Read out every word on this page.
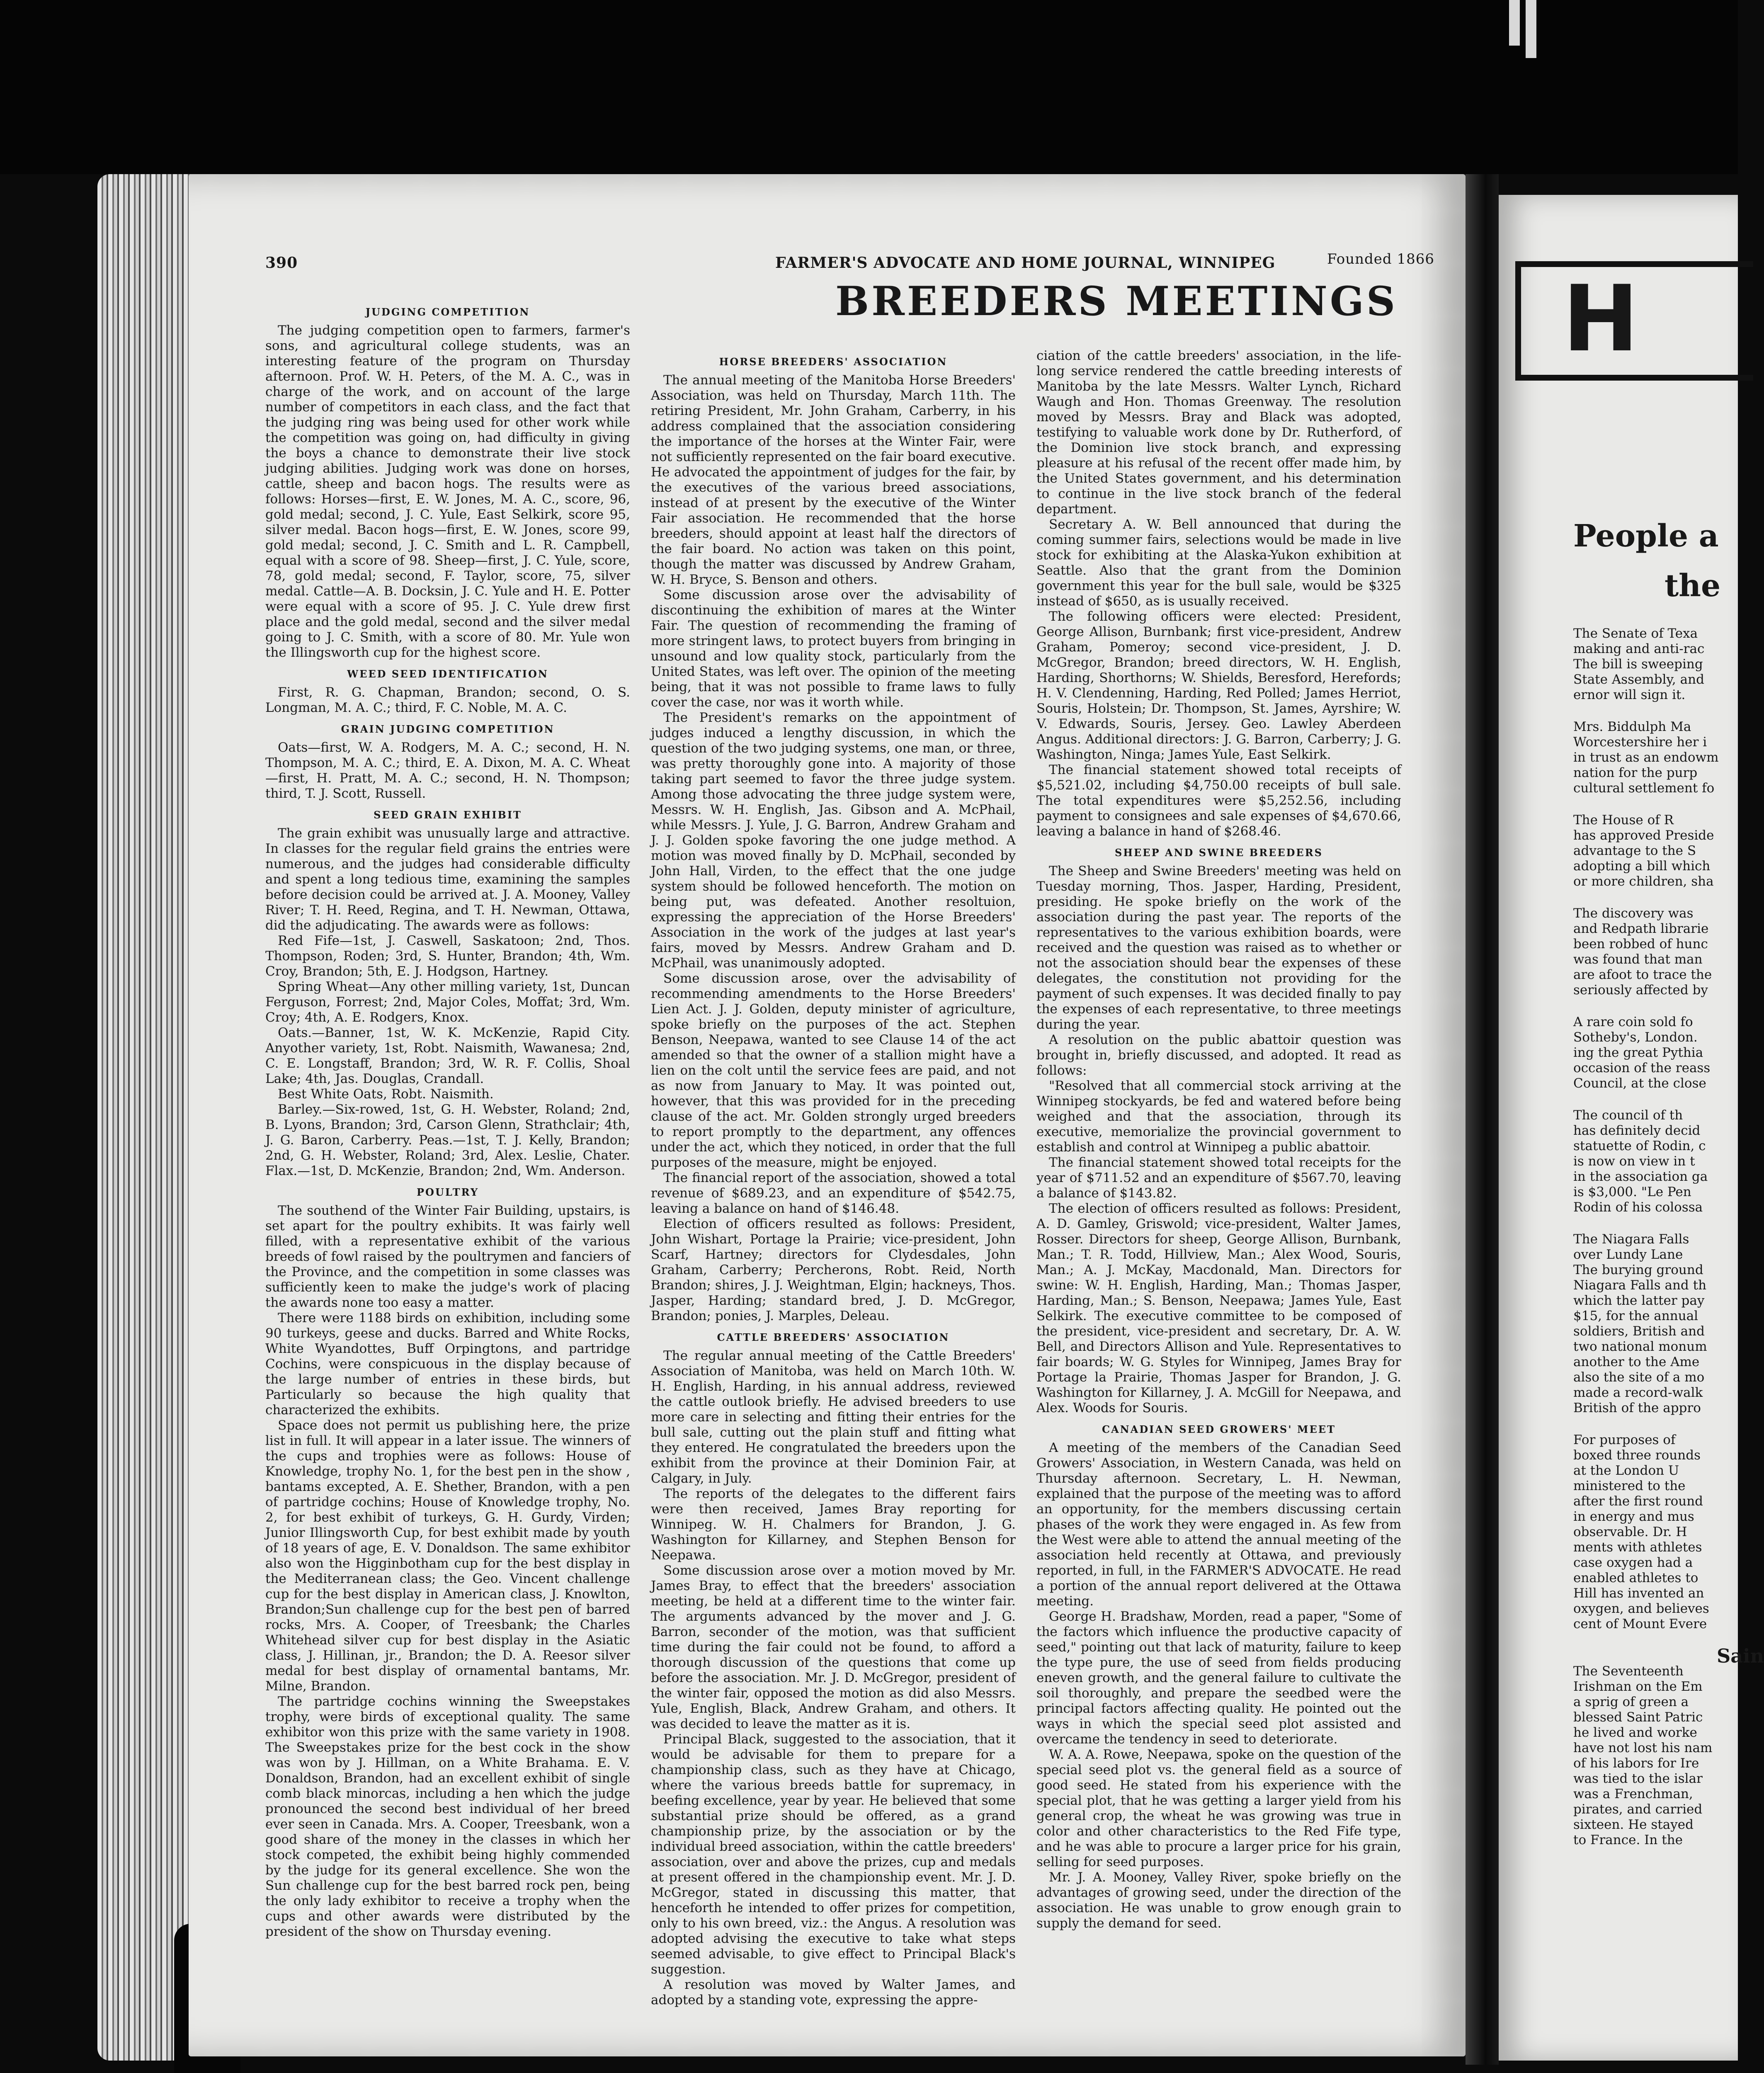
390	FARMER'S ADVOCATE AND HOME JOURNAL, WINNIPEG	Founded 1866
BREEDERS MEETINGS
JUDGING COMPETITION

The judging competition open to farmers, farmer's sons, and agricultural college students, was an interesting feature of the program on Thursday afternoon. Prof. W. H. Peters, of the M. A. C., was in charge of the work, and on account of the large number of competitors in each class, and the fact that the judging ring was being used for other work while the competition was going on, had difficulty in giving the boys a chance to demonstrate their live stock judging abilities. Judging work was done on horses, cattle, sheep and bacon hogs. The results were as follows: Horses—first, E. W. Jones, M. A. C., score, 96, gold medal; second, J. C. Yule, East Selkirk, score 95, silver medal. Bacon hogs—first, E. W. Jones, score 99, gold medal; second, J. C. Smith and L. R. Campbell, equal with a score of 98. Sheep—first, J. C. Yule, score, 78, gold medal; second, F. Taylor, score, 75, silver medal. Cattle—A. B. Docksin, J. C. Yule and H. E. Potter were equal with a score of 95. J. C. Yule drew first place and the gold medal, second and the silver medal going to J. C. Smith, with a score of 80. Mr. Yule won the Illingsworth cup for the highest score.

WEED SEED IDENTIFICATION

First, R. G. Chapman, Brandon; second, O. S. Longman, M. A. C.; third, F. C. Noble, M. A. C.

GRAIN JUDGING COMPETITION

Oats—first, W. A. Rodgers, M. A. C.; second, H. N. Thompson, M. A. C.; third, E. A. Dixon, M. A. C. Wheat—first, H. Pratt, M. A. C.; second, H. N. Thompson; third, T. J. Scott, Russell.

SEED GRAIN EXHIBIT

The grain exhibit was unusually large and attractive. In classes for the regular field grains the entries were numerous, and the judges had considerable difficulty and spent a long tedious time, examining the samples before decision could be arrived at. J. A. Mooney, Valley River; T. H. Reed, Regina, and T. H. Newman, Ottawa, did the adjudicating. The awards were as follows:

Red Fife—1st, J. Caswell, Saskatoon; 2nd, Thos. Thompson, Roden; 3rd, S. Hunter, Brandon; 4th, Wm. Croy, Brandon; 5th, E. J. Hodgson, Hartney.

Spring Wheat—Any other milling variety, 1st, Duncan Ferguson, Forrest; 2nd, Major Coles, Moffat; 3rd, Wm. Croy; 4th, A. E. Rodgers, Knox.

Oats.—Banner, 1st, W. K. McKenzie, Rapid City. Anyother variety, 1st, Robt. Naismith, Wawanesa; 2nd, C. E. Longstaff, Brandon; 3rd, W. R. F. Collis, Shoal Lake; 4th, Jas. Douglas, Crandall.

Best White Oats, Robt. Naismith.

Barley.—Six-rowed, 1st, G. H. Webster, Roland; 2nd, B. Lyons, Brandon; 3rd, Carson Glenn, Strathclair; 4th, J. G. Baron, Carberry. Peas.—1st, T. J. Kelly, Brandon; 2nd, G. H. Webster, Roland; 3rd, Alex. Leslie, Chater. Flax.—1st, D. McKenzie, Brandon; 2nd, Wm. Anderson.

POULTRY

The southend of the Winter Fair Building, upstairs, is set apart for the poultry exhibits. It was fairly well filled, with a representative exhibit of the various breeds of fowl raised by the poultrymen and fanciers of the Province, and the competition in some classes was sufficiently keen to make the judge's work of placing the awards none too easy a matter.

There were 1188 birds on exhibition, including some 90 turkeys, geese and ducks. Barred and White Rocks, White Wyandottes, Buff Orpingtons, and partridge Cochins, were conspicuous in the display because of the large number of entries in these birds, but Particularly so because the high quality that characterized the exhibits.

Space does not permit us publishing here, the prize list in full. It will appear in a later issue. The winners of the cups and trophies were as follows: House of Knowledge, trophy No. 1, for the best pen in the show , bantams excepted, A. E. Shether, Brandon, with a pen of partridge cochins; House of Knowledge trophy, No. 2, for best exhibit of turkeys, G. H. Gurdy, Virden; Junior Illingsworth Cup, for best exhibit made by youth of 18 years of age, E. V. Donaldson. The same exhibitor also won the Higginbotham cup for the best display in the Mediterranean class; the Geo. Vincent challenge cup for the best display in American class, J. Knowlton, Brandon;Sun challenge cup for the best pen of barred rocks, Mrs. A. Cooper, of Treesbank; the Charles Whitehead silver cup for best display in the Asiatic class, J. Hillinan, jr., Brandon; the D. A. Reesor silver medal for best display of ornamental bantams, Mr. Milne, Brandon.

The partridge cochins winning the Sweepstakes trophy, were birds of exceptional quality. The same exhibitor won this prize with the same variety in 1908. The Sweepstakes prize for the best cock in the show was won by J. Hillman, on a White Brahama. E. V. Donaldson, Brandon, had an excellent exhibit of single comb black minorcas, including a hen which the judge pronounced the second best individual of her breed ever seen in Canada. Mrs. A. Cooper, Treesbank, won a good share of the money in the classes in which her stock competed, the exhibit being highly commended by the judge for its general excellence. She won the Sun challenge cup for the best barred rock pen, being the only lady exhibitor to receive a trophy when the cups and other awards were distributed by the president of the show on Thursday evening.

HORSE BREEDERS' ASSOCIATION

The annual meeting of the Manitoba Horse Breeders' Association, was held on Thursday, March 11th. The retiring President, Mr. John Graham, Carberry, in his address complained that the association considering the importance of the horses at the Winter Fair, were not sufficiently represented on the fair board executive. He advocated the appointment of judges for the fair, by the executives of the various breed associations, instead of at present by the executive of the Winter Fair association. He recommended that the horse breeders, should appoint at least half the directors of the fair board. No action was taken on this point, though the matter was discussed by Andrew Graham, W. H. Bryce, S. Benson and others.

Some discussion arose over the advisability of discontinuing the exhibition of mares at the Winter Fair. The question of recommending the framing of more stringent laws, to protect buyers from bringing in unsound and low quality stock, particularly from the United States, was left over. The opinion of the meeting being, that it was not possible to frame laws to fully cover the case, nor was it worth while.

The President's remarks on the appointment of judges induced a lengthy discussion, in which the question of the two judging systems, one man, or three, was pretty thoroughly gone into. A majority of those taking part seemed to favor the three judge system. Among those advocating the three judge system were, Messrs. W. H. English, Jas. Gibson and A. McPhail, while Messrs. J. Yule, J. G. Barron, Andrew Graham and J. J. Golden spoke favoring the one judge method. A motion was moved finally by D. McPhail, seconded by John Hall, Virden, to the effect that the one judge system should be followed henceforth. The motion on being put, was defeated. Another resoltuion, expressing the appreciation of the Horse Breeders' Association in the work of the judges at last year's fairs, moved by Messrs. Andrew Graham and D. McPhail, was unanimously adopted.

Some discussion arose, over the advisability of recommending amendments to the Horse Breeders' Lien Act. J. J. Golden, deputy minister of agriculture, spoke briefly on the purposes of the act. Stephen Benson, Neepawa, wanted to see Clause 14 of the act amended so that the owner of a stallion might have a lien on the colt until the service fees are paid, and not as now from January to May. It was pointed out, however, that this was provided for in the preceding clause of the act. Mr. Golden strongly urged breeders to report promptly to the department, any offences under the act, which they noticed, in order that the full purposes of the measure, might be enjoyed.

The financial report of the association, showed a total revenue of $689.23, and an expenditure of $542.75, leaving a balance on hand of $146.48.

Election of officers resulted as follows: President, John Wishart, Portage la Prairie; vice-president, John Scarf, Hartney; directors for Clydesdales, John Graham, Carberry; Percherons, Robt. Reid, North Brandon; shires, J. J. Weightman, Elgin; hackneys, Thos. Jasper, Harding; standard bred, J. D. McGregor, Brandon; ponies, J. Marples, Deleau.

CATTLE BREEDERS' ASSOCIATION

The regular annual meeting of the Cattle Breeders' Association of Manitoba, was held on March 10th. W. H. English, Harding, in his annual address, reviewed the cattle outlook briefly. He advised breeders to use more care in selecting and fitting their entries for the bull sale, cutting out the plain stuff and fitting what they entered. He congratulated the breeders upon the exhibit from the province at their Dominion Fair, at Calgary, in July.

The reports of the delegates to the different fairs were then received, James Bray reporting for Winnipeg. W. H. Chalmers for Brandon, J. G. Washington for Killarney, and Stephen Benson for Neepawa.

Some discussion arose over a motion moved by Mr. James Bray, to effect that the breeders' association meeting, be held at a different time to the winter fair. The arguments advanced by the mover and J. G. Barron, seconder of the motion, was that sufficient time during the fair could not be found, to afford a thorough discussion of the questions that come up before the association. Mr. J. D. McGregor, president of the winter fair, opposed the motion as did also Messrs. Yule, English, Black, Andrew Graham, and others. It was decided to leave the matter as it is.

Principal Black, suggested to the association, that it would be advisable for them to prepare for a championship class, such as they have at Chicago, where the various breeds battle for supremacy, in beefing excellence, year by year. He believed that some substantial prize should be offered, as a grand championship prize, by the association or by the individual breed association, within the cattle breeders' association, over and above the prizes, cup and medals at present offered in the championship event. Mr. J. D. McGregor, stated in discussing this matter, that henceforth he intended to offer prizes for competition, only to his own breed, viz.: the Angus. A resolution was adopted advising the executive to take what steps seemed advisable, to give effect to Principal Black's suggestion.

A resolution was moved by Walter James, and adopted by a standing vote, expressing the appre-

ciation of the cattle breeders' association, in the life-long service rendered the cattle breeding interests of Manitoba by the late Messrs. Walter Lynch, Richard Waugh and Hon. Thomas Greenway. The resolution moved by Messrs. Bray and Black was adopted, testifying to valuable work done by Dr. Rutherford, of the Dominion live stock branch, and expressing pleasure at his refusal of the recent offer made him, by the United States government, and his determination to continue in the live stock branch of the federal department.

Secretary A. W. Bell announced that during the coming summer fairs, selections would be made in live stock for exhibiting at the Alaska-Yukon exhibition at Seattle. Also that the grant from the Dominion government this year for the bull sale, would be $325 instead of $650, as is usually received.

The following officers were elected: President, George Allison, Burnbank; first vice-president, Andrew Graham, Pomeroy; second vice-president, J. D. McGregor, Brandon; breed directors, W. H. English, Harding, Shorthorns; W. Shields, Beresford, Herefords; H. V. Clendenning, Harding, Red Polled; James Herriot, Souris, Holstein; Dr. Thompson, St. James, Ayrshire; W. V. Edwards, Souris, Jersey. Geo. Lawley Aberdeen Angus. Additional directors: J. G. Barron, Carberry; J. G. Washington, Ninga; James Yule, East Selkirk.

The financial statement showed total receipts of $5,521.02, including $4,750.00 receipts of bull sale. The total expenditures were $5,252.56, including payment to consignees and sale expenses of $4,670.66, leaving a balance in hand of $268.46.

SHEEP AND SWINE BREEDERS

The Sheep and Swine Breeders' meeting was held on Tuesday morning, Thos. Jasper, Harding, President, presiding. He spoke briefly on the work of the association during the past year. The reports of the representatives to the various exhibition boards, were received and the question was raised as to whether or not the association should bear the expenses of these delegates, the constitution not providing for the payment of such expenses. It was decided finally to pay the expenses of each representative, to three meetings during the year.

A resolution on the public abattoir question was brought in, briefly discussed, and adopted. It read as follows:

"Resolved that all commercial stock arriving at the Winnipeg stockyards, be fed and watered before being weighed and that the association, through its executive, memorialize the provincial government to establish and control at Winnipeg a public abattoir.

The financial statement showed total receipts for the year of $711.52 and an expenditure of $567.70, leaving a balance of $143.82.

The election of officers resulted as follows: President, A. D. Gamley, Griswold; vice-president, Walter James, Rosser. Directors for sheep, George Allison, Burnbank, Man.; T. R. Todd, Hillview, Man.; Alex Wood, Souris, Man.; A. J. McKay, Macdonald, Man. Directors for swine: W. H. English, Harding, Man.; Thomas Jasper, Harding, Man.; S. Benson, Neepawa; James Yule, East Selkirk. The executive committee to be composed of the president, vice-president and secretary, Dr. A. W. Bell, and Directors Allison and Yule. Representatives to fair boards; W. G. Styles for Winnipeg, James Bray for Portage la Prairie, Thomas Jasper for Brandon, J. G. Washington for Killarney, J. A. McGill for Neepawa, and Alex. Woods for Souris.

CANADIAN SEED GROWERS' MEET

A meeting of the members of the Canadian Seed Growers' Association, in Western Canada, was held on Thursday afternoon. Secretary, L. H. Newman, explained that the purpose of the meeting was to afford an opportunity, for the members discussing certain phases of the work they were engaged in. As few from the West were able to attend the annual meeting of the association held recently at Ottawa, and previously reported, in full, in the FARMER'S ADVOCATE. He read a portion of the annual report delivered at the Ottawa meeting.

George H. Bradshaw, Morden, read a paper, "Some of the factors which influence the productive capacity of seed," pointing out that lack of maturity, failure to keep the type pure, the use of seed from fields producing eneven growth, and the general failure to cultivate the soil thoroughly, and prepare the seedbed were the principal factors affecting quality. He pointed out the ways in which the special seed plot assisted and overcame the tendency in seed to deteriorate.

W. A. A. Rowe, Neepawa, spoke on the question of the special seed plot vs. the general field as a source of good seed. He stated from his experience with the special plot, that he was getting a larger yield from his general crop, the wheat he was growing was true in color and other characteristics to the Red Fife type, and he was able to procure a larger price for his grain, selling for seed purposes.

Mr. J. A. Mooney, Valley River, spoke briefly on the advantages of growing seed, under the direction of the association. He was unable to grow enough grain to supply the demand for seed.

H
People a
the
The Senate of Texa
making and anti-rac
The bill is sweeping
State Assembly, and
ernor will sign it.
Mrs. Biddulph Ma
Worcestershire her i
in trust as an endowm
nation for the purp
cultural settlement fo
The House of R
has approved Preside
advantage to the S
adopting a bill which
or more children, sha
The discovery was
and Redpath librarie
been robbed of hunc
was found that man
are afoot to trace the
seriously affected by
A rare coin sold fo
Sotheby's, London.
ing the great Pythia
occasion of the reass
Council, at the close
The council of th
has definitely decid
statuette of Rodin, c
is now on view in t
in the association ga
is $3,000. "Le Pen
Rodin of his colossa
The Niagara Falls
over Lundy Lane
The burying ground
Niagara Falls and th
which the latter pay
$15, for the annual
soldiers, British and
two national monum
another to the Ame
also the site of a mo
made a record-walk
British of the appro
For purposes of
boxed three rounds
at the London U
ministered to the
after the first round
in energy and mus
observable. Dr. H
ments with athletes
case oxygen had a
enabled athletes to
Hill has invented an
oxygen, and believes
cent of Mount Evere
Sain
The Seventeenth
Irishman on the Em
a sprig of green a
blessed Saint Patric
he lived and worke
have not lost his nam
of his labors for Ire
was tied to the islar
was a Frenchman,
pirates, and carried
sixteen. He stayed
to France. In the
